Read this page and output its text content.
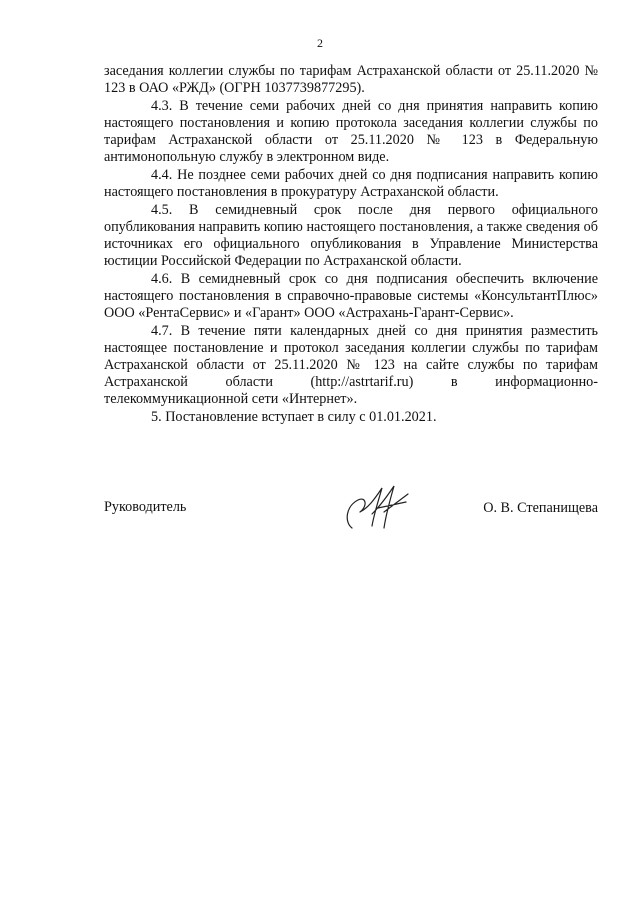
2

заседания коллегии службы по тарифам Астраханской области от 25.11.2020 № 123 в ОАО «РЖД» (ОГРН 1037739877295).

4.3. В течение семи рабочих дней со дня принятия направить копию настоящего постановления и копию протокола заседания коллегии службы по тарифам Астраханской области от 25.11.2020 № 123 в Федеральную антимонопольную службу в электронном виде.

4.4. Не позднее семи рабочих дней со дня подписания направить копию настоящего постановления в прокуратуру Астраханской области.

4.5. В семидневный срок после дня первого официального опубликования направить копию настоящего постановления, а также сведения об источниках его официального опубликования в Управление Министерства юстиции Российской Федерации по Астраханской области.

4.6. В семидневный срок со дня подписания обеспечить включение настоящего постановления в справочно-правовые системы «КонсультантПлюс» ООО «РентаСервис» и «Гарант» ООО «Астрахань-Гарант-Сервис».

4.7. В течение пяти календарных дней со дня принятия разместить настоящее постановление и протокол заседания коллегии службы по тарифам Астраханской области от 25.11.2020 № 123 на сайте службы по тарифам Астраханской области (http://astrtarif.ru) в информационно-телекоммуникационной сети «Интернет».

5. Постановление вступает в силу с 01.01.2021.

Руководитель	О. В. Степанищева
